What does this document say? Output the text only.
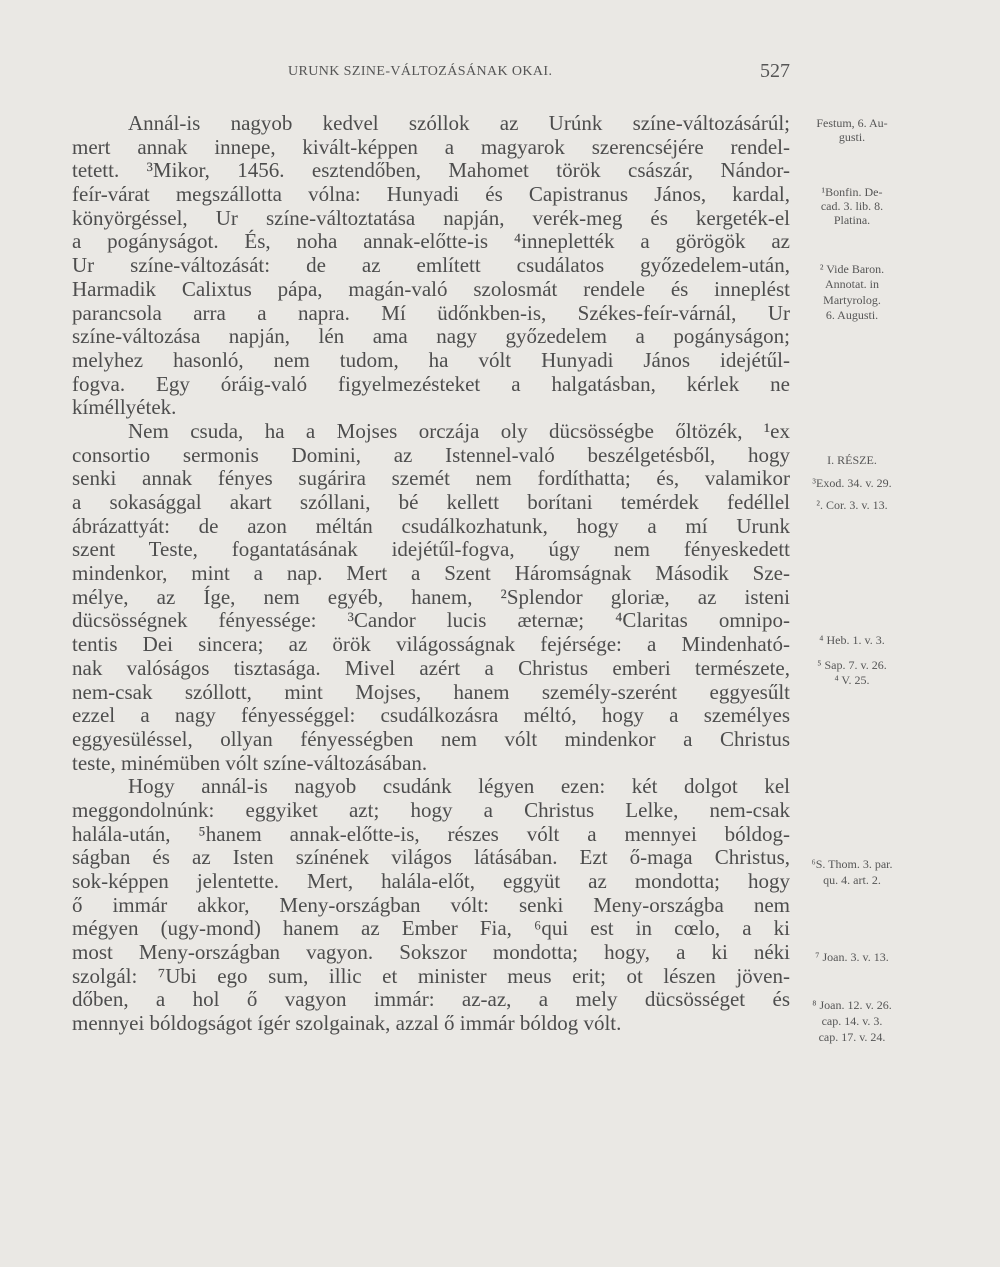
URUNK SZINE-VÁLTOZÁSÁNAK OKAI.	527
Annál-is nagyob kedvel szóllok az Urúnk színe-változásárúl;
mert annak innepe, kivált-képpen a magyarok szerencséjére rendel-
tetett. ³Mikor, 1456. esztendőben, Mahomet török császár, Nándor-
feír-várat megszállotta vólna: Hunyadi és Capistranus János, kardal,
könyörgéssel, Ur színe-változtatása napján, verék-meg és kergeték-el
a pogányságot. És, noha annak-előtte-is ⁴inneplették a görögök az
Ur színe-változását: de az említett csudálatos győzedelem-után,
Harmadik Calixtus pápa, magán-való szolosmát rendele és inneplést
parancsola arra a napra. Mí üdőnkben-is, Székes-feír-várnál, Ur
színe-változása napján, lén ama nagy győzedelem a pogányságon;
melyhez hasonló, nem tudom, ha vólt Hunyadi János idejétűl-
fogva. Egy óráig-való figyelmezésteket a halgatásban, kérlek ne
kíméllyétek.
Nem csuda, ha a Mojses orczája oly dücsösségbe őltözék, ¹ex
consortio sermonis Domini, az Istennel-való beszélgetésből, hogy
senki annak fényes sugárira szemét nem fordíthatta; és, valamikor
a sokasággal akart szóllani, bé kellett borítani temérdek fedéllel
ábrázattyát: de azon méltán csudálkozhatunk, hogy a mí Urunk
szent Teste, fogantatásának idejétűl-fogva, úgy nem fényeskedett
mindenkor, mint a nap. Mert a Szent Háromságnak Második Sze-
mélye, az Íge, nem egyéb, hanem, ²Splendor gloriæ, az isteni
dücsösségnek fényessége: ³Candor lucis æternæ; ⁴Claritas omnipo-
tentis Dei sincera; az örök világosságnak fejérsége: a Mindenható-
nak valóságos tisztasága. Mivel azért a Christus emberi természete,
nem-csak szóllott, mint Mojses, hanem személy-szerént eggyesűlt
ezzel a nagy fényességgel: csudálkozásra méltó, hogy a személyes
eggyesüléssel, ollyan fényességben nem vólt mindenkor a Christus
teste, minémüben vólt színe-változásában.
Hogy annál-is nagyob csudánk légyen ezen: két dolgot kel
meggondolnúnk: eggyiket azt; hogy a Christus Lelke, nem-csak
halála-után, ⁵hanem annak-előtte-is, részes vólt a mennyei bóldog-
ságban és az Isten színének világos látásában. Ezt ő-maga Christus,
sok-képpen jelentette. Mert, halála-előt, eggyüt az mondotta; hogy
ő immár akkor, Meny-országban vólt: senki Meny-országba nem
mégyen (ugy-mond) hanem az Ember Fia, ⁶qui est in cœlo, a ki
most Meny-országban vagyon. Sokszor mondotta; hogy, a ki néki
szolgál: ⁷Ubi ego sum, illic et minister meus erit; ot lészen jöven-
dőben, a hol ő vagyon immár: az-az, a mely dücsösséget és
mennyei bóldogságot ígér szolgainak, azzal ő immár bóldog vólt.
Festum, 6. Au-
gusti.
¹Bonfin. De-
cad. 3. lib. 8.
Platina.
² Vide Baron.
Annotat. in
Martyrolog.
6. Augusti.
I. RÉSZE.
³Exod. 34. v. 29.
². Cor. 3. v. 13.
⁴ Heb. 1. v. 3.
⁵ Sap. 7. v. 26.
⁴ V. 25.
⁶S. Thom. 3. par.
qu. 4. art. 2.
⁷ Joan. 3. v. 13.
⁸ Joan. 12. v. 26.
cap. 14. v. 3.
cap. 17. v. 24.
